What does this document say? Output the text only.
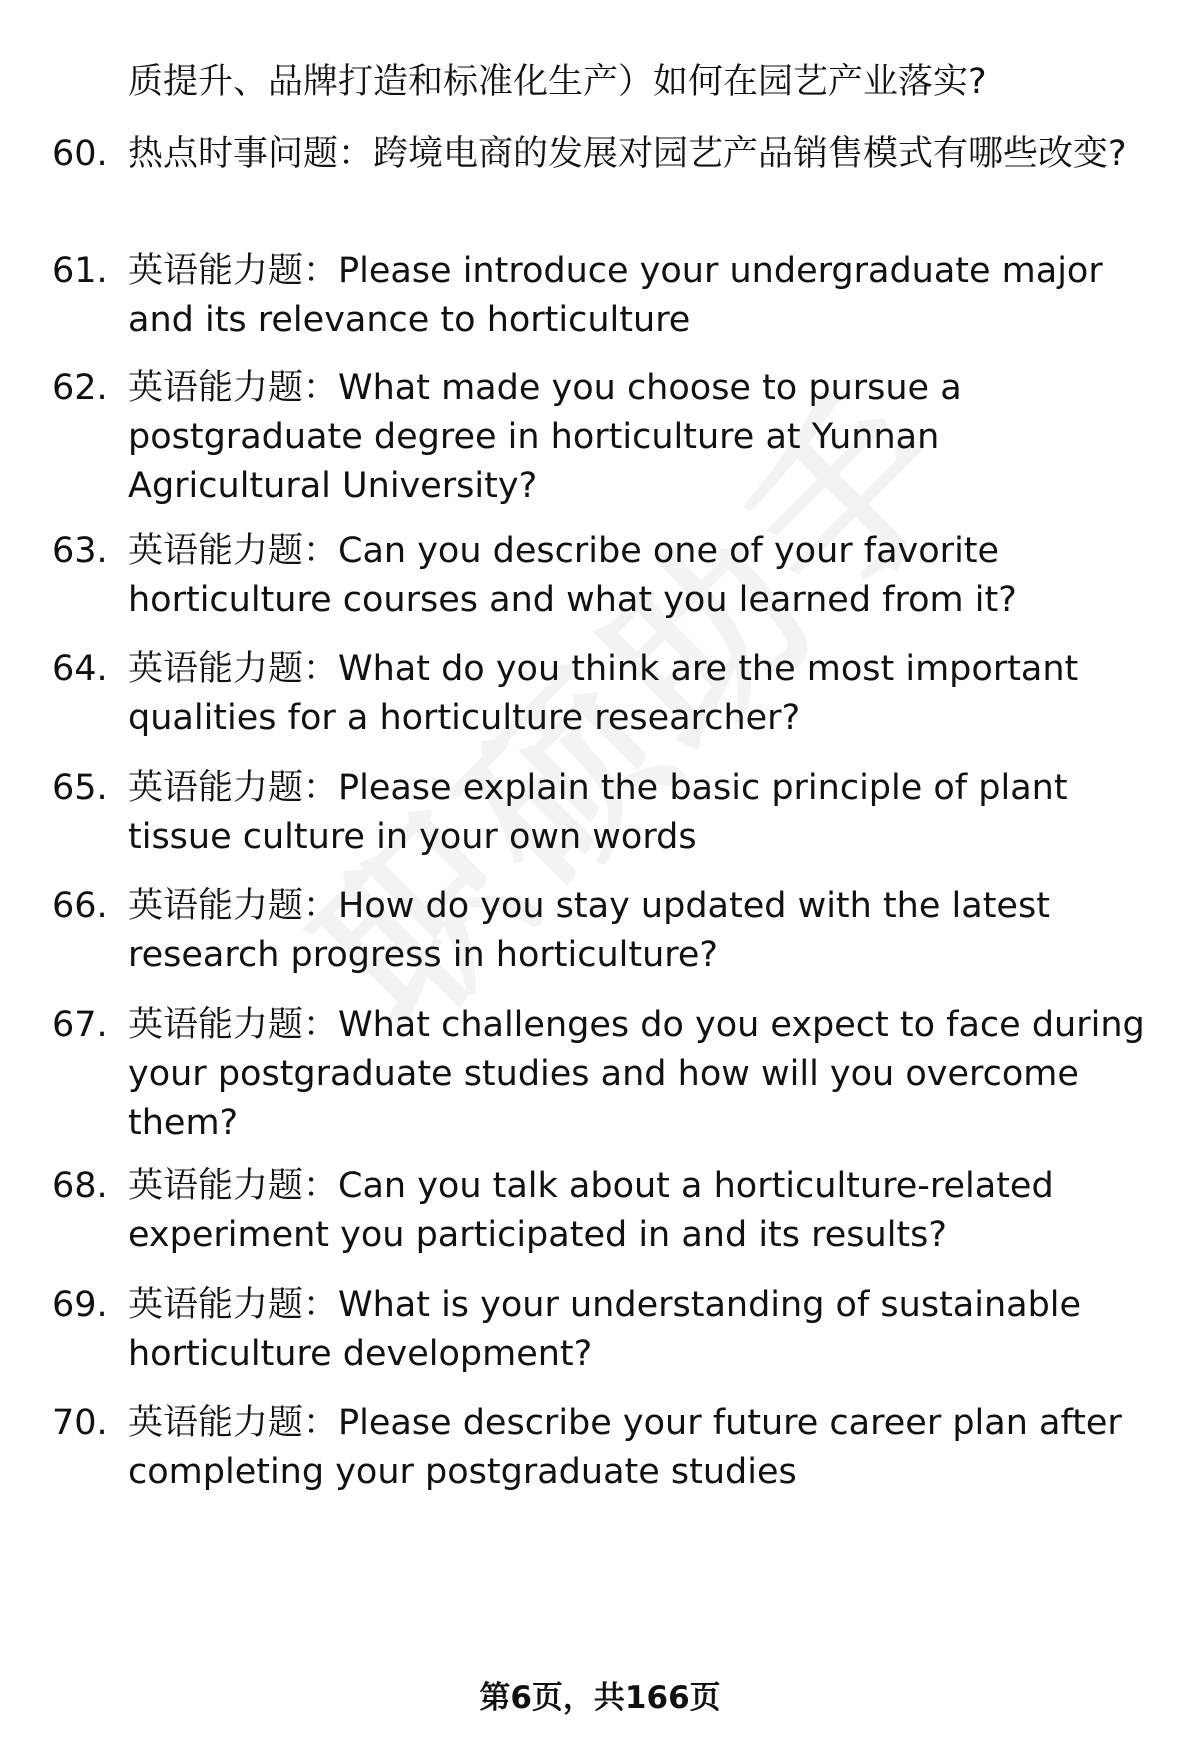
质提升、品牌打造和标准化生产）如何在园艺产业落实?
60. 热点时事问题：跨境电商的发展对园艺产品销售模式有哪些改变?
61. 英语能力题：Please introduce your undergraduate major and its relevance to horticulture
62. 英语能力题：What made you choose to pursue a postgraduate degree in horticulture at Yunnan Agricultural University?
63. 英语能力题：Can you describe one of your favorite horticulture courses and what you learned from it?
64. 英语能力题：What do you think are the most important qualities for a horticulture researcher?
65. 英语能力题：Please explain the basic principle of plant tissue culture in your own words
66. 英语能力题：How do you stay updated with the latest research progress in horticulture?
67. 英语能力题：What challenges do you expect to face during your postgraduate studies and how will you overcome them?
68. 英语能力题：Can you talk about a horticulture-related experiment you participated in and its results?
69. 英语能力题：What is your understanding of sustainable horticulture development?
70. 英语能力题：Please describe your future career plan after completing your postgraduate studies
第6页，共166页
